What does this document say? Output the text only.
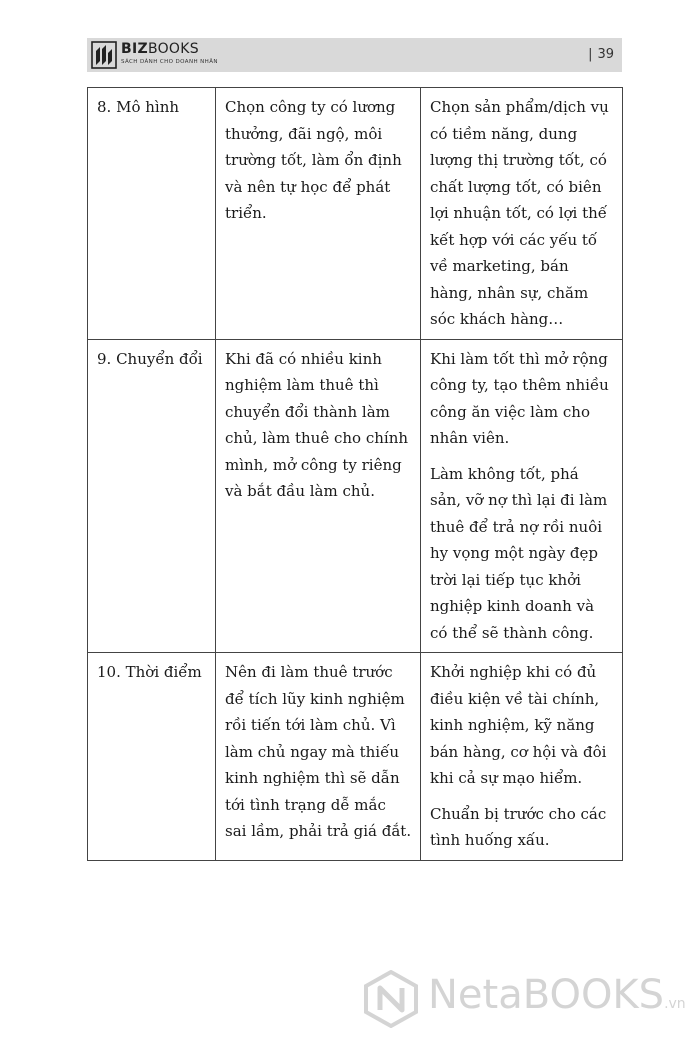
BIZBOOKS
SÁCH DÀNH CHO DOANH NHÂN	| 39
8. Mô hình	Chọn công ty có lương thưởng, đãi ngộ, môi trường tốt, làm ổn định và nên tự học để phát triển.	Chọn sản phẩm/dịch vụ có tiềm năng, dung lượng thị trường tốt, có chất lượng tốt, có biên lợi nhuận tốt, có lợi thế kết hợp với các yếu tố về marketing, bán hàng, nhân sự, chăm sóc khách hàng…

9. Chuyển đổi	Khi đã có nhiều kinh nghiệm làm thuê thì chuyển đổi thành làm chủ, làm thuê cho chính mình, mở công ty riêng và bắt đầu làm chủ.	Khi làm tốt thì mở rộng công ty, tạo thêm nhiều công ăn việc làm cho nhân viên.
Làm không tốt, phá sản, vỡ nợ thì lại đi làm thuê để trả nợ rồi nuôi hy vọng một ngày đẹp trời lại tiếp tục khởi nghiệp kinh doanh và có thể sẽ thành công.

10. Thời điểm	Nên đi làm thuê trước để tích lũy kinh nghiệm rồi tiến tới làm chủ. Vì làm chủ ngay mà thiếu kinh nghiệm thì sẽ dẫn tới tình trạng dễ mắc sai lầm, phải trả giá đắt.	Khởi nghiệp khi có đủ điều kiện về tài chính, kinh nghiệm, kỹ năng bán hàng, cơ hội và đôi khi cả sự mạo hiểm.
Chuẩn bị trước cho các tình huống xấu.
NetaBOOKS.vn
